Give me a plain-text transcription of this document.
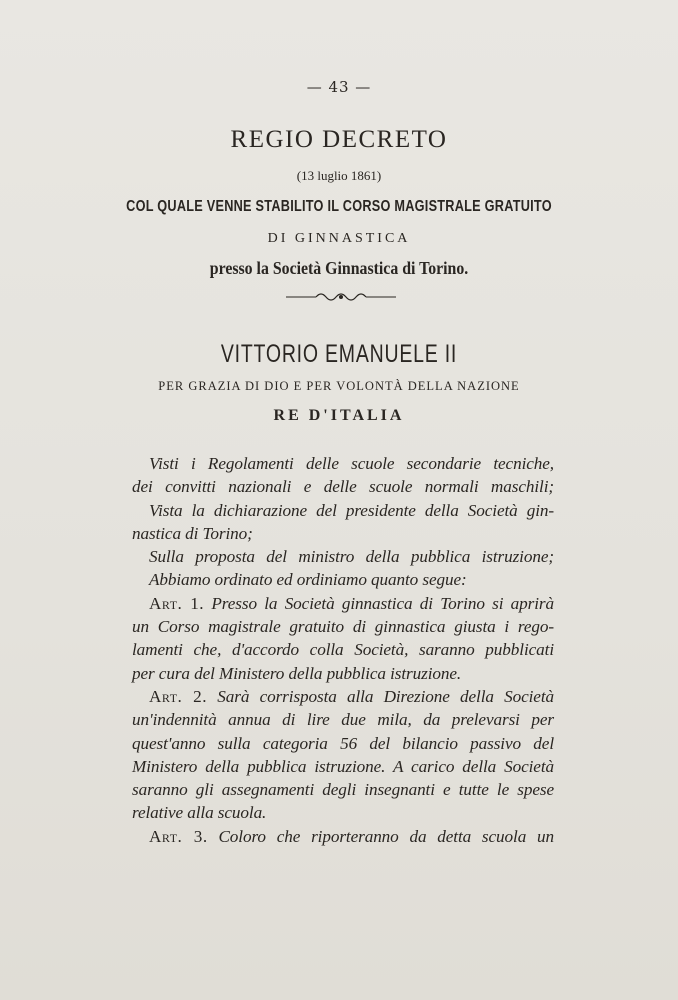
— 43 —
REGIO DECRETO
(13 luglio 1861)
COL QUALE VENNE STABILITO IL CORSO MAGISTRALE GRATUITO
DI GINNASTICA
presso la Società Ginnastica di Torino.
VITTORIO EMANUELE II
PER GRAZIA DI DIO E PER VOLONTÀ DELLA NAZIONE
RE D'ITALIA
Visti i Regolamenti delle scuole secondarie tecniche,
dei convitti nazionali e delle scuole normali maschili;
Vista la dichiarazione del presidente della Società gin-
nastica di Torino;
Sulla proposta del ministro della pubblica istruzione;
Abbiamo ordinato ed ordiniamo quanto segue:
Art. 1. Presso la Società ginnastica di Torino si aprirà
un Corso magistrale gratuito di ginnastica giusta i rego-
lamenti che, d'accordo colla Società, saranno pubblicati
per cura del Ministero della pubblica istruzione.
Art. 2. Sarà corrisposta alla Direzione della Società
un'indennità annua di lire due mila, da prelevarsi per
quest'anno sulla categoria 56 del bilancio passivo del
Ministero della pubblica istruzione. A carico della Società
saranno gli assegnamenti degli insegnanti e tutte le spese
relative alla scuola.
Art. 3. Coloro che riporteranno da detta scuola un
